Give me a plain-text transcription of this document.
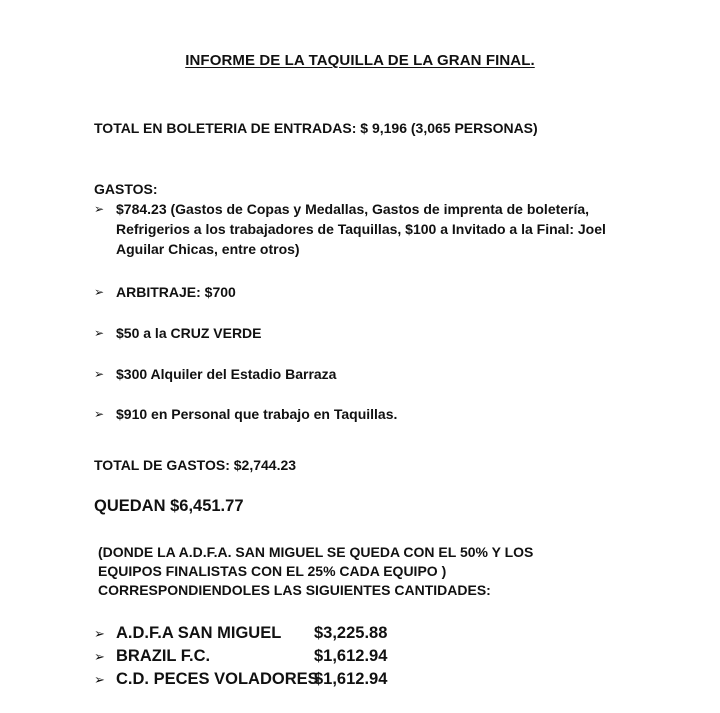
INFORME DE LA TAQUILLA DE LA GRAN FINAL.
TOTAL EN BOLETERIA DE ENTRADAS: $ 9,196 (3,065 PERSONAS)
GASTOS:
➢ $784.23 (Gastos de Copas y Medallas, Gastos de imprenta de boletería, Refrigerios a los trabajadores de Taquillas, $100 a Invitado a la Final: Joel Aguilar Chicas, entre otros)
➢ ARBITRAJE: $700
➢ $50 a la CRUZ VERDE
➢ $300 Alquiler del Estadio Barraza
➢ $910 en Personal que trabajo en Taquillas.
TOTAL DE GASTOS: $2,744.23
QUEDAN $6,451.77
(DONDE LA A.D.F.A. SAN MIGUEL SE QUEDA CON EL 50% Y LOS EQUIPOS FINALISTAS CON EL 25% CADA EQUIPO ) CORRESPONDIENDOLES LAS SIGUIENTES CANTIDADES:
➢ A.D.F.A SAN MIGUEL	$3,225.88
➢ BRAZIL F.C.	$1,612.94
➢ C.D. PECES VOLADORES
$1,612.94
